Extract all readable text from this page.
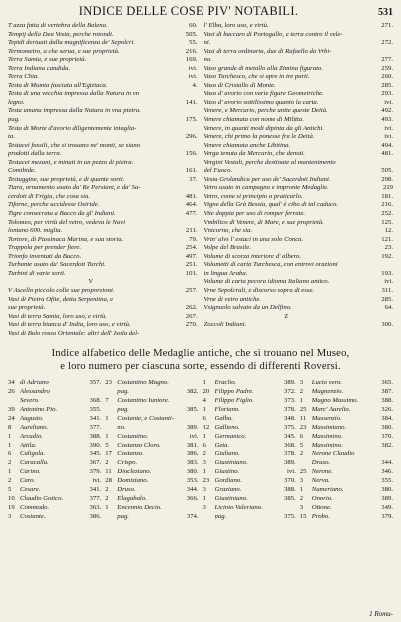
INDICE DELLE COSE PIV' NOTABILI.	531
T azza fatta di vertebra della Balena.	60.
Tempij della Dea Vesta, perche rotondi.	505.
Tepidi deriuati dalla magnificenza de' Sepolcri.	55.
Termometro, a che serua, e sue proprietà.	216.
Terra Samia, e sue proprietà.	169.
Terra Indiana candida.	ivi.
Terra Chia.	ivi.
Testa di Mumia fasciata all'Egiziaca.	4.
Testa di una vecchia impressa dalla Natura in vn
legno.	141.
Testa umana impressa dalla Natura in vna pietra.
pag.	175.
Testa di Morte d'avorio diligentemente intaglia-
ta.	296.
Testacei fossili, che si trouano ne' monti, se siano
prodotti dalla terra.	156.
Testacei mezani, e minuti in un pezzo di pietra.
Comibide.	161.
Testuggine, sue proprietà, e di quante sorti.	37.
Tiara, ornamento usato da' Re Persiani, e da' Sa-
cerdoti di Frigia, che cosa sia.	481.
Tiforne, perche uccidesse Osiride.	464.
Tigre consecrata a Bacco da gl' Indiani.	477.
Tolomeo, per virtù del vetro, vedeva le Navi
lontano 600. miglia.	211.
Tortore, di Passinaca Marina, e sua storia.	79.
Trappola per prender fiere.	254.
Trionfo inventati da Bacco.	497.
Turbante usato da' Sacerdoti Turchi.	251.
Turbini di varie sorti.	101.
V
V Ascello piccolo colle sue proporzioni.	257.
Vasi di Pietra Ofite, detta Serpentina, e
sue proprietà.	262.
Vasi di terra Samia, loro uso, e virtù.	267.
Vasi di terra bianca d' India, loro uso, e virtù.	270.
Vasi di Bolo rosso Orientale: altri dell' Isola del-
l' Elba, loro uso, e virtù.	271.
Vasi di buccaro di Portogallo, e terra contro il vele-
ni.	272.
Vasi di terra ordinaria, due di Rafaello da Vrbi-
no.	277.
Vaso grande di metallo alla Zimina figurato.	259.
Vaso Turchesco, che si apre in tre parti.	260.
Vaso di Cristallo di Monte.	285.
Vaso d' avorio con varie figure Geometriche.	293.
Vaso d' avorio sottilissimo quanto la carta.	ivi.
Venere, e Mercurio, perche unite queste Deità.	492.
Venere chiamata con nome di Militta.	493.
Venere, in quanti modi dipinta da gli Antichi.	ivi.
Venere, chi primo la ponesse fra le Deità.	ivi.
Venere chiamata anche Libitina.	494.
Verga tenuta da Mercurio, che denoti.	481.
Vergini Vestali, perche destinate al mantenimento
del Fuoco.	505.
Vesta Grolandica per uso de' Sacerdoti Indiani.	298.
Vetro usato in campagna e impronte Medaglie.	219
Vetro, come si principio a praticarlo.	181.
Vigne della Grà Bessia, qual' è cibo di tal caduco.	216.
Vite doppia per uso di romper ferrate.	252.
Vmbilico di Venere, di Mare, e sue proprietà.	125.
Vnicorno, che sia.	12.
Vrin' alvs l' estaci in una solo Conca.	121.
Volpe del Brasile.	23.
Volume di scorza interiore d' albero.	192.
Volumetti di carta Turchesca, con entrovi orazioni
in lingua Araba.	193.
Volume di carta pecora idioma Italiano antico.	ivi.
Vrne Sepolcrali, e discorso sopra di esse.	311.
Vrne di vetro antiche.	285.
Vsignuolo salvato da un Delfino.	64.
Z
Zoccoli Indiani.	300.
Indice alfabetico delle Medaglie antiche, che si trouano nel Museo,
e loro numero per ciascuna sorte, essendo di differenti Roversi.
34 di Adriano	357.
26 Alessandro
Severo.	368.
39 Antonino Pio.	355.
24 Augusto.	341.
8	Aureliano.	377.
1	Arcadio.	388.
1	Attila.	390.
6	Caligola.	345.
2	Caracalla.	367.
1	Carino.	379.
2	Caro.	ivi.
5	Cesare.	341.
10 Claudio Gotico.	377.
19 Commodo.	363.
3	Costante.	386.
23 Costantino Magno.
pag.	382.
7	Costantino Iuniore.
pag.	385.
1	Costante, e Costanti-
no.	389.
1	Costantino.	ivi.
5	Costanzo Cloro.	381.
17 Costanzo.	386.
2	Crispo.	383.
11 Diocleziano.	380.
28 Domiziano.	353.
2	Druso.	344.
2	Elagabalo.	366.
1	Encennio Decio.
pag.	374.
1	Eraclio.	389.
20 Filippo Padre.	372.
4	Filippo Figlio.	373.
1	Floriano.	378.
6	Galba.	348.
12 Gallieno.	375.
1	Germanico.	345.
6	Geta.	368.
2	Giuliano.	378.
3	Giustiniano.	389.
1	Giustino.	ivi.
23 Gordiano.	370.
3	Graziano.	388.
1	Giustiniano.	385.
3	Licinio Valeriano.
pag.	375.
3	Lucio vero.	365.
2	Magnenzio.	387.
1	Magno Massimo.	388.
25 Marc' Aurelio.	326.
11 Massenzio.	384.
23 Massimiano.	380.
6	Massimino.	370.
5	Massimino.	382.
2	Nerone Claudio
Druso.	344.
25 Nerone.	346.
3	Nerva.	355.
1	Numeriano.	380.
2	Onorio.	389.
3	Ottone.	349.
15 Probo.	379.
1 Romu-
